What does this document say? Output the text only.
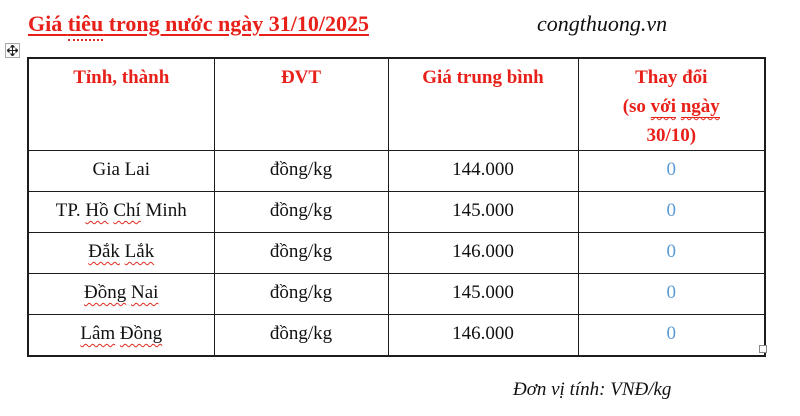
Giá tiêu trong nước ngày 31/10/2025	congthuong.vn
Tỉnh, thành	ĐVT	Giá trung bình	Thay đổi
(so với ngày
30/10)

Gia Lai	đồng/kg	144.000	0
TP. Hồ Chí Minh	đồng/kg	145.000	0
Đắk Lắk	đồng/kg	146.000	0
Đồng Nai	đồng/kg	145.000	0
Lâm Đồng	đồng/kg	146.000	0
Đơn vị tính: VNĐ/kg
